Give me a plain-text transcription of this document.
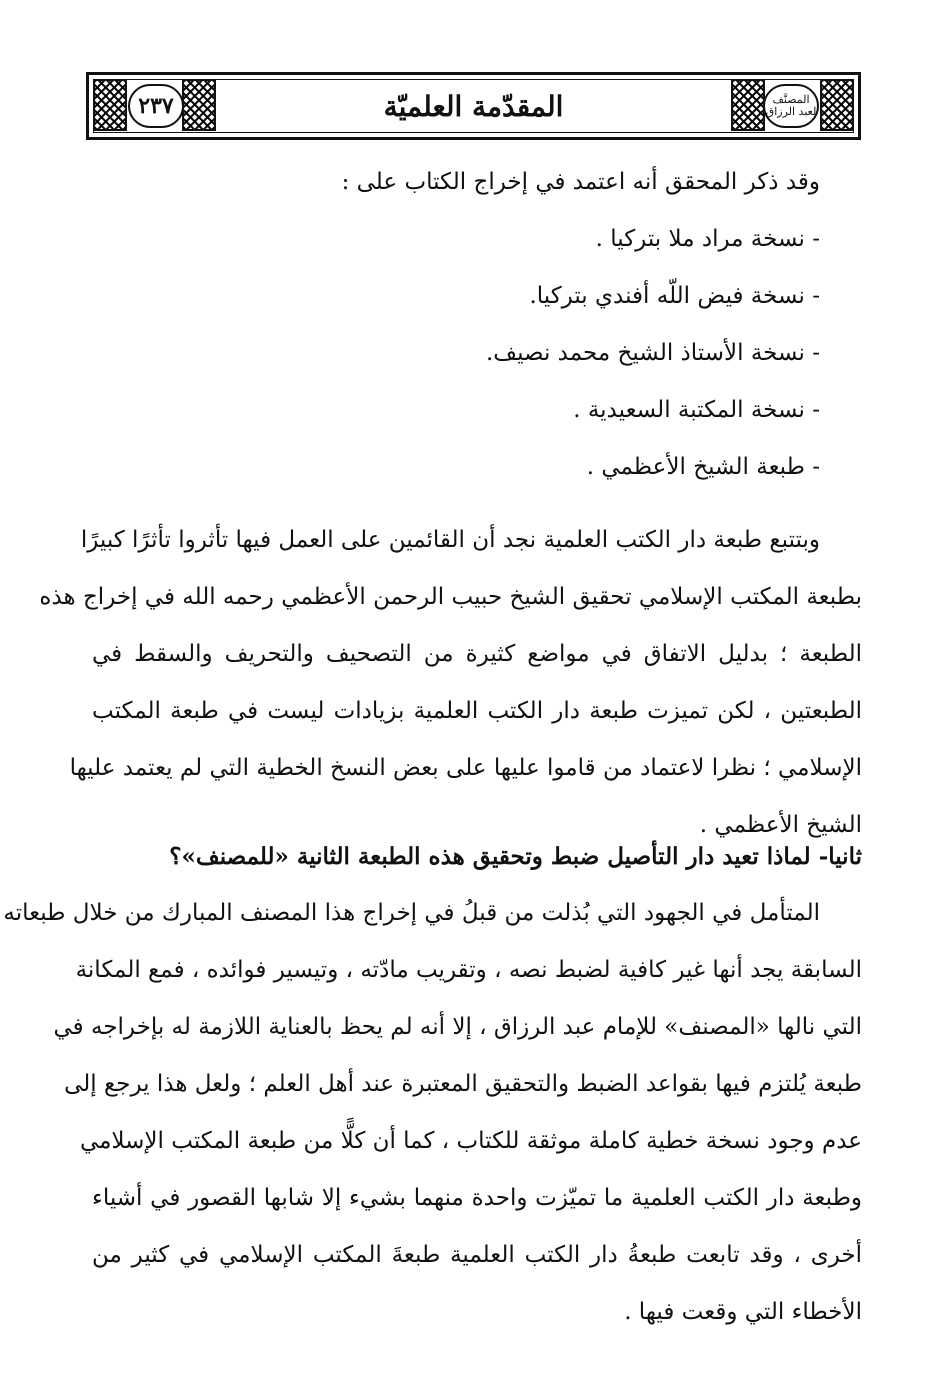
٢٣٧	المقدّمة العلميّة	المصنَّف
لعبد الرزاق
وقد ذكر المحقق أنه اعتمد في إخراج الكتاب على :
- نسخة مراد ملا بتركيا .
- نسخة فيض اللّه أفندي بتركيا.
- نسخة الأستاذ الشيخ محمد نصيف.
- نسخة المكتبة السعيدية .
- طبعة الشيخ الأعظمي .
وبتتبع طبعة دار الكتب العلمية نجد أن القائمين على العمل فيها تأثروا تأثرًا كبيرًا
بطبعة المكتب الإسلامي تحقيق الشيخ حبيب الرحمن الأعظمي رحمه الله في إخراج هذه
الطبعة ؛ بدليل الاتفاق في مواضع كثيرة من التصحيف والتحريف والسقط في
الطبعتين ، لكن تميزت طبعة دار الكتب العلمية بزيادات ليست في طبعة المكتب
الإسلامي ؛ نظرا لاعتماد من قاموا عليها على بعض النسخ الخطية التي لم يعتمد عليها
الشيخ الأعظمي .
ثانيا- لماذا تعيد دار التأصيل ضبط وتحقيق هذه الطبعة الثانية «للمصنف»؟
المتأمل في الجهود التي بُذلت من قبلُ في إخراج هذا المصنف المبارك من خلال طبعاته
السابقة يجد أنها غير كافية لضبط نصه ، وتقريب مادّته ، وتيسير فوائده ، فمع المكانة
التي نالها «المصنف» للإمام عبد الرزاق ، إلا أنه لم يحظ بالعناية اللازمة له بإخراجه في
طبعة يُلتزم فيها بقواعد الضبط والتحقيق المعتبرة عند أهل العلم ؛ ولعل هذا يرجع إلى
عدم وجود نسخة خطية كاملة موثقة للكتاب ، كما أن كلًّا من طبعة المكتب الإسلامي
وطبعة دار الكتب العلمية ما تميّزت واحدة منهما بشيء إلا شابها القصور في أشياء
أخرى ، وقد تابعت طبعةُ دار الكتب العلمية طبعةَ المكتب الإسلامي في كثير من
الأخطاء التي وقعت فيها .
